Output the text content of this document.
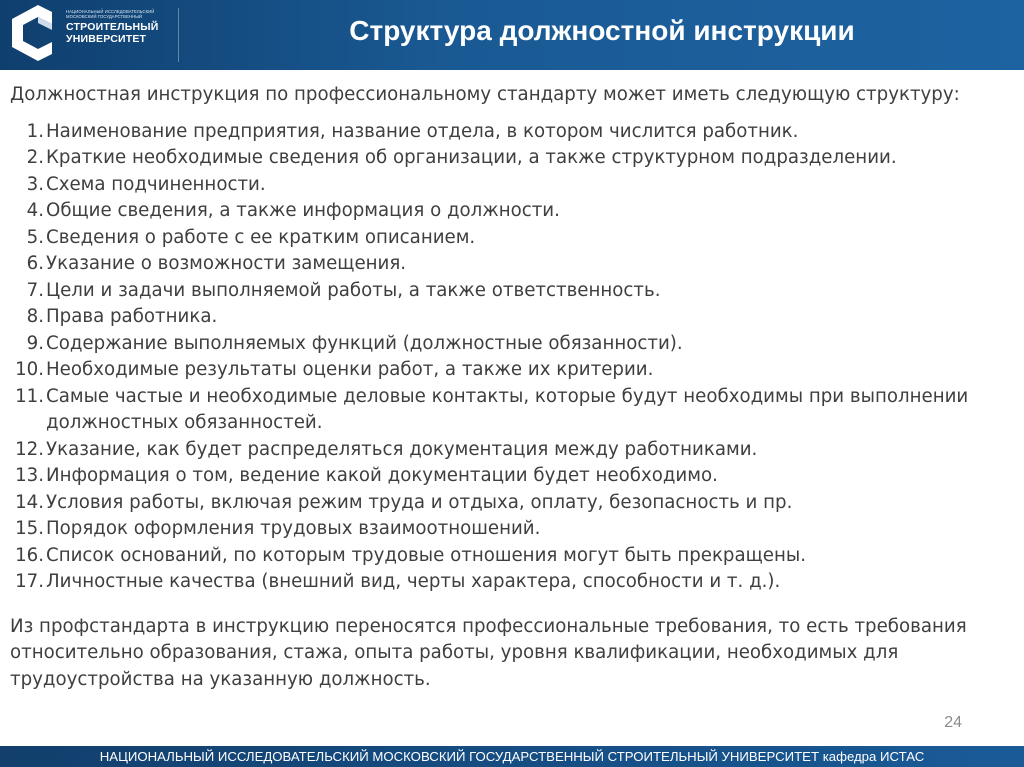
НАЦИОНАЛЬНЫЙ ИССЛЕДОВАТЕЛЬСКИЙ МОСКОВСКИЙ ГОСУДАРСТВЕННЫЙ
СТРОИТЕЛЬНЫЙ
УНИВЕРСИТЕТ	Структура должностной инструкции
Должностная инструкция по профессиональному стандарту может иметь следующую структуру:
1. Наименование предприятия, название отдела, в котором числится работник.
2. Краткие необходимые сведения об организации, а также структурном подразделении.
3. Схема подчиненности.
4. Общие сведения, а также информация о должности.
5. Сведения о работе с ее кратким описанием.
6. Указание о возможности замещения.
7. Цели и задачи выполняемой работы, а также ответственность.
8. Права работника.
9. Содержание выполняемых функций (должностные обязанности).
10. Необходимые результаты оценки работ, а также их критерии.
11. Самые частые и необходимые деловые контакты, которые будут необходимы при выполнении должностных обязанностей.
12. Указание, как будет распределяться документация между работниками.
13. Информация о том, ведение какой документации будет необходимо.
14. Условия работы, включая режим труда и отдыха, оплату, безопасность и пр.
15. Порядок оформления трудовых взаимоотношений.
16. Список оснований, по которым трудовые отношения могут быть прекращены.
17. Личностные качества (внешний вид, черты характера, способности и т. д.).
Из профстандарта в инструкцию переносятся профессиональные требования, то есть требования относительно образования, стажа, опыта работы, уровня квалификации, необходимых для трудоустройства на указанную должность.
24
НАЦИОНАЛЬНЫЙ ИССЛЕДОВАТЕЛЬСКИЙ МОСКОВСКИЙ ГОСУДАРСТВЕННЫЙ СТРОИТЕЛЬНЫЙ УНИВЕРСИТЕТ кафедра ИСТАС
